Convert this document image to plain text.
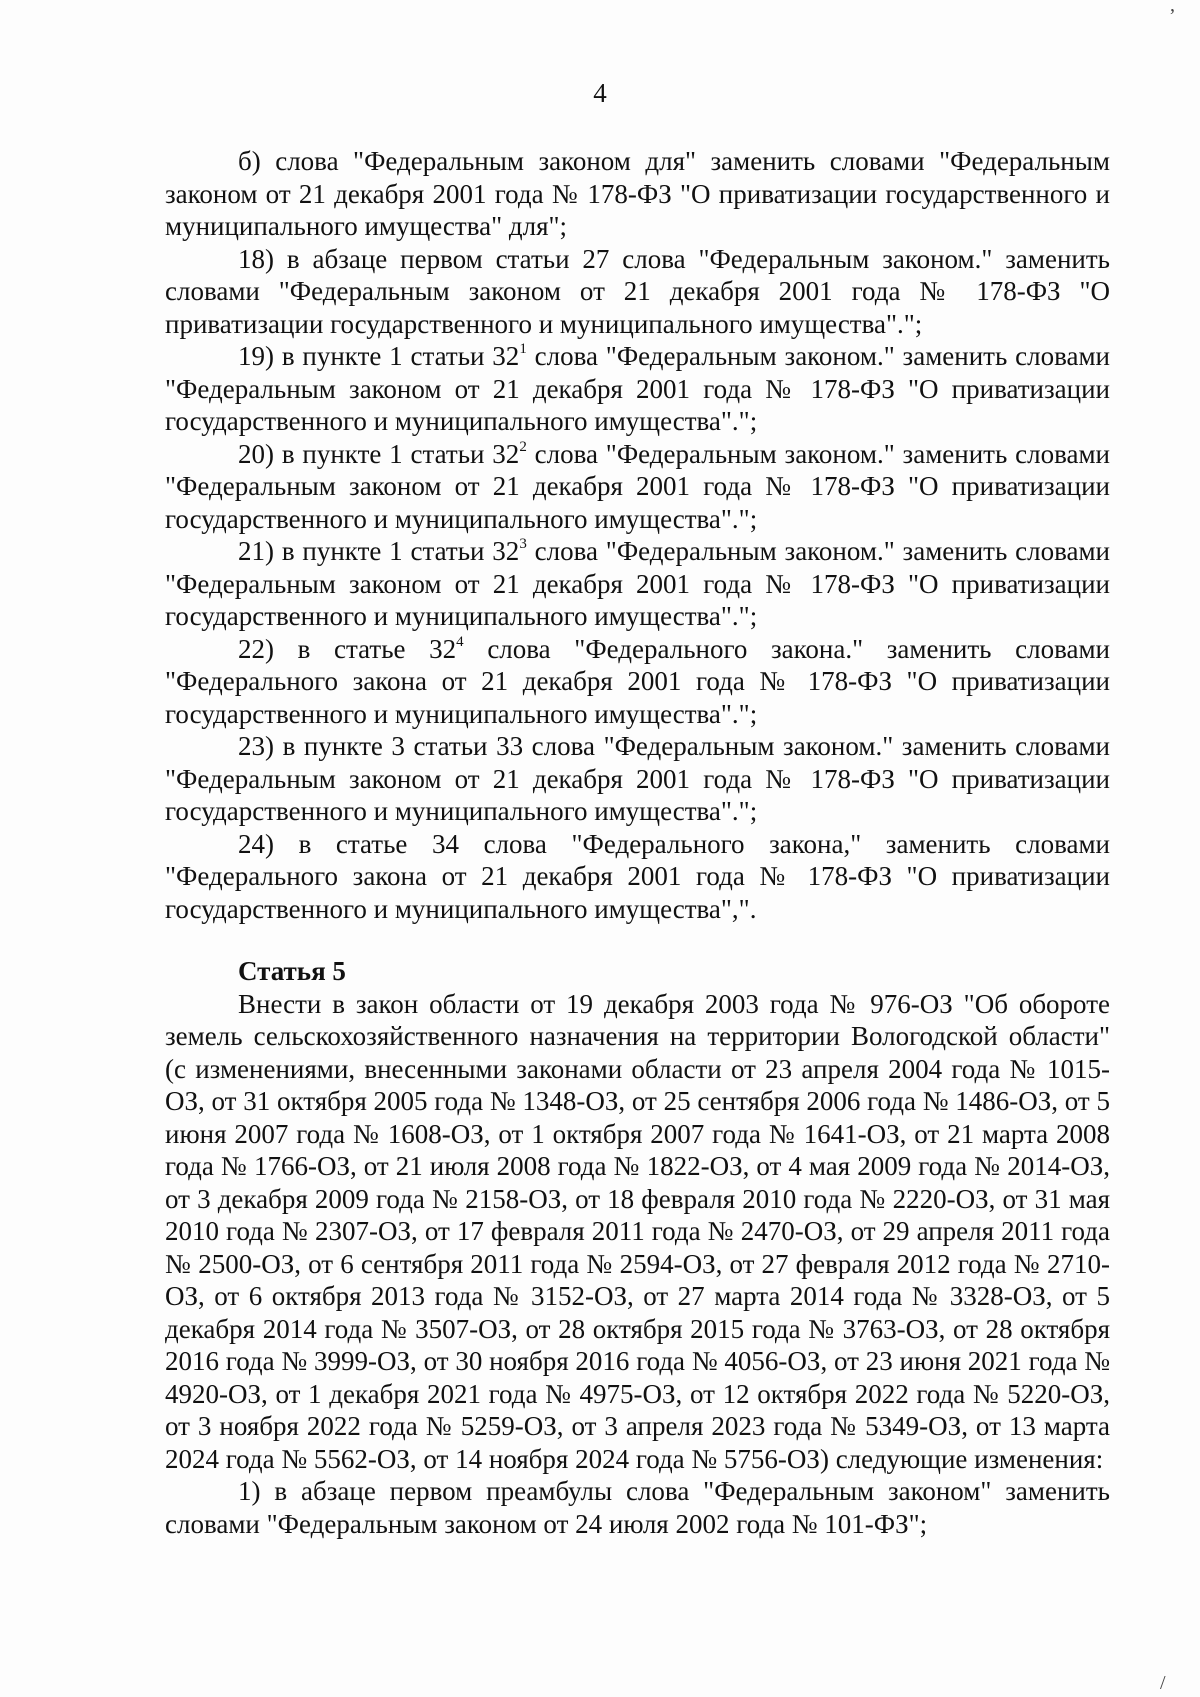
,
/
4

б) слова "Федеральным законом для" заменить словами "Федеральным законом от 21 декабря 2001 года № 178-ФЗ "О приватизации государственного и муниципального имущества" для";

18) в абзаце первом статьи 27 слова "Федеральным законом." заменить словами "Федеральным законом от 21 декабря 2001 года № 178-ФЗ "О приватизации государственного и муниципального имущества".";

19) в пункте 1 статьи $32^1$ слова "Федеральным законом." заменить словами "Федеральным законом от 21 декабря 2001 года № 178-ФЗ "О приватизации государственного и муниципального имущества".";

20) в пункте 1 статьи $32^2$ слова "Федеральным законом." заменить словами "Федеральным законом от 21 декабря 2001 года № 178-ФЗ "О приватизации государственного и муниципального имущества".";

21) в пункте 1 статьи $32^3$ слова "Федеральным законом." заменить словами "Федеральным законом от 21 декабря 2001 года № 178-ФЗ "О приватизации государственного и муниципального имущества".";

22) в статье $32^4$ слова "Федерального закона." заменить словами "Федерального закона от 21 декабря 2001 года № 178-ФЗ "О приватизации государственного и муниципального имущества".";

23) в пункте 3 статьи 33 слова "Федеральным законом." заменить словами "Федеральным законом от 21 декабря 2001 года № 178-ФЗ "О приватизации государственного и муниципального имущества".";

24) в статье 34 слова "Федерального закона," заменить словами "Федерального закона от 21 декабря 2001 года № 178-ФЗ "О приватизации государственного и муниципального имущества",".

Статья 5

Внести в закон области от 19 декабря 2003 года № 976-ОЗ "Об обороте земель сельскохозяйственного назначения на территории Вологодской области" (с изменениями, внесенными законами области от 23 апреля 2004 года № 1015-ОЗ, от 31 октября 2005 года № 1348-ОЗ, от 25 сентября 2006 года № 1486-ОЗ, от 5 июня 2007 года № 1608-ОЗ, от 1 октября 2007 года № 1641-ОЗ, от 21 марта 2008 года № 1766-ОЗ, от 21 июля 2008 года № 1822-ОЗ, от 4 мая 2009 года № 2014-ОЗ, от 3 декабря 2009 года № 2158-ОЗ, от 18 февраля 2010 года № 2220-ОЗ, от 31 мая 2010 года № 2307-ОЗ, от 17 февраля 2011 года № 2470-ОЗ, от 29 апреля 2011 года № 2500-ОЗ, от 6 сентября 2011 года № 2594-ОЗ, от 27 февраля 2012 года № 2710-ОЗ, от 6 октября 2013 года № 3152-ОЗ, от 27 марта 2014 года № 3328-ОЗ, от 5 декабря 2014 года № 3507-ОЗ, от 28 октября 2015 года № 3763-ОЗ, от 28 октября 2016 года № 3999-ОЗ, от 30 ноября 2016 года № 4056-ОЗ, от 23 июня 2021 года № 4920-ОЗ, от 1 декабря 2021 года № 4975-ОЗ, от 12 октября 2022 года № 5220-ОЗ, от 3 ноября 2022 года № 5259-ОЗ, от 3 апреля 2023 года № 5349-ОЗ, от 13 марта 2024 года № 5562-ОЗ, от 14 ноября 2024 года № 5756-ОЗ) следующие изменения:

1) в абзаце первом преамбулы слова "Федеральным законом" заменить словами "Федеральным законом от 24 июля 2002 года № 101-ФЗ";
